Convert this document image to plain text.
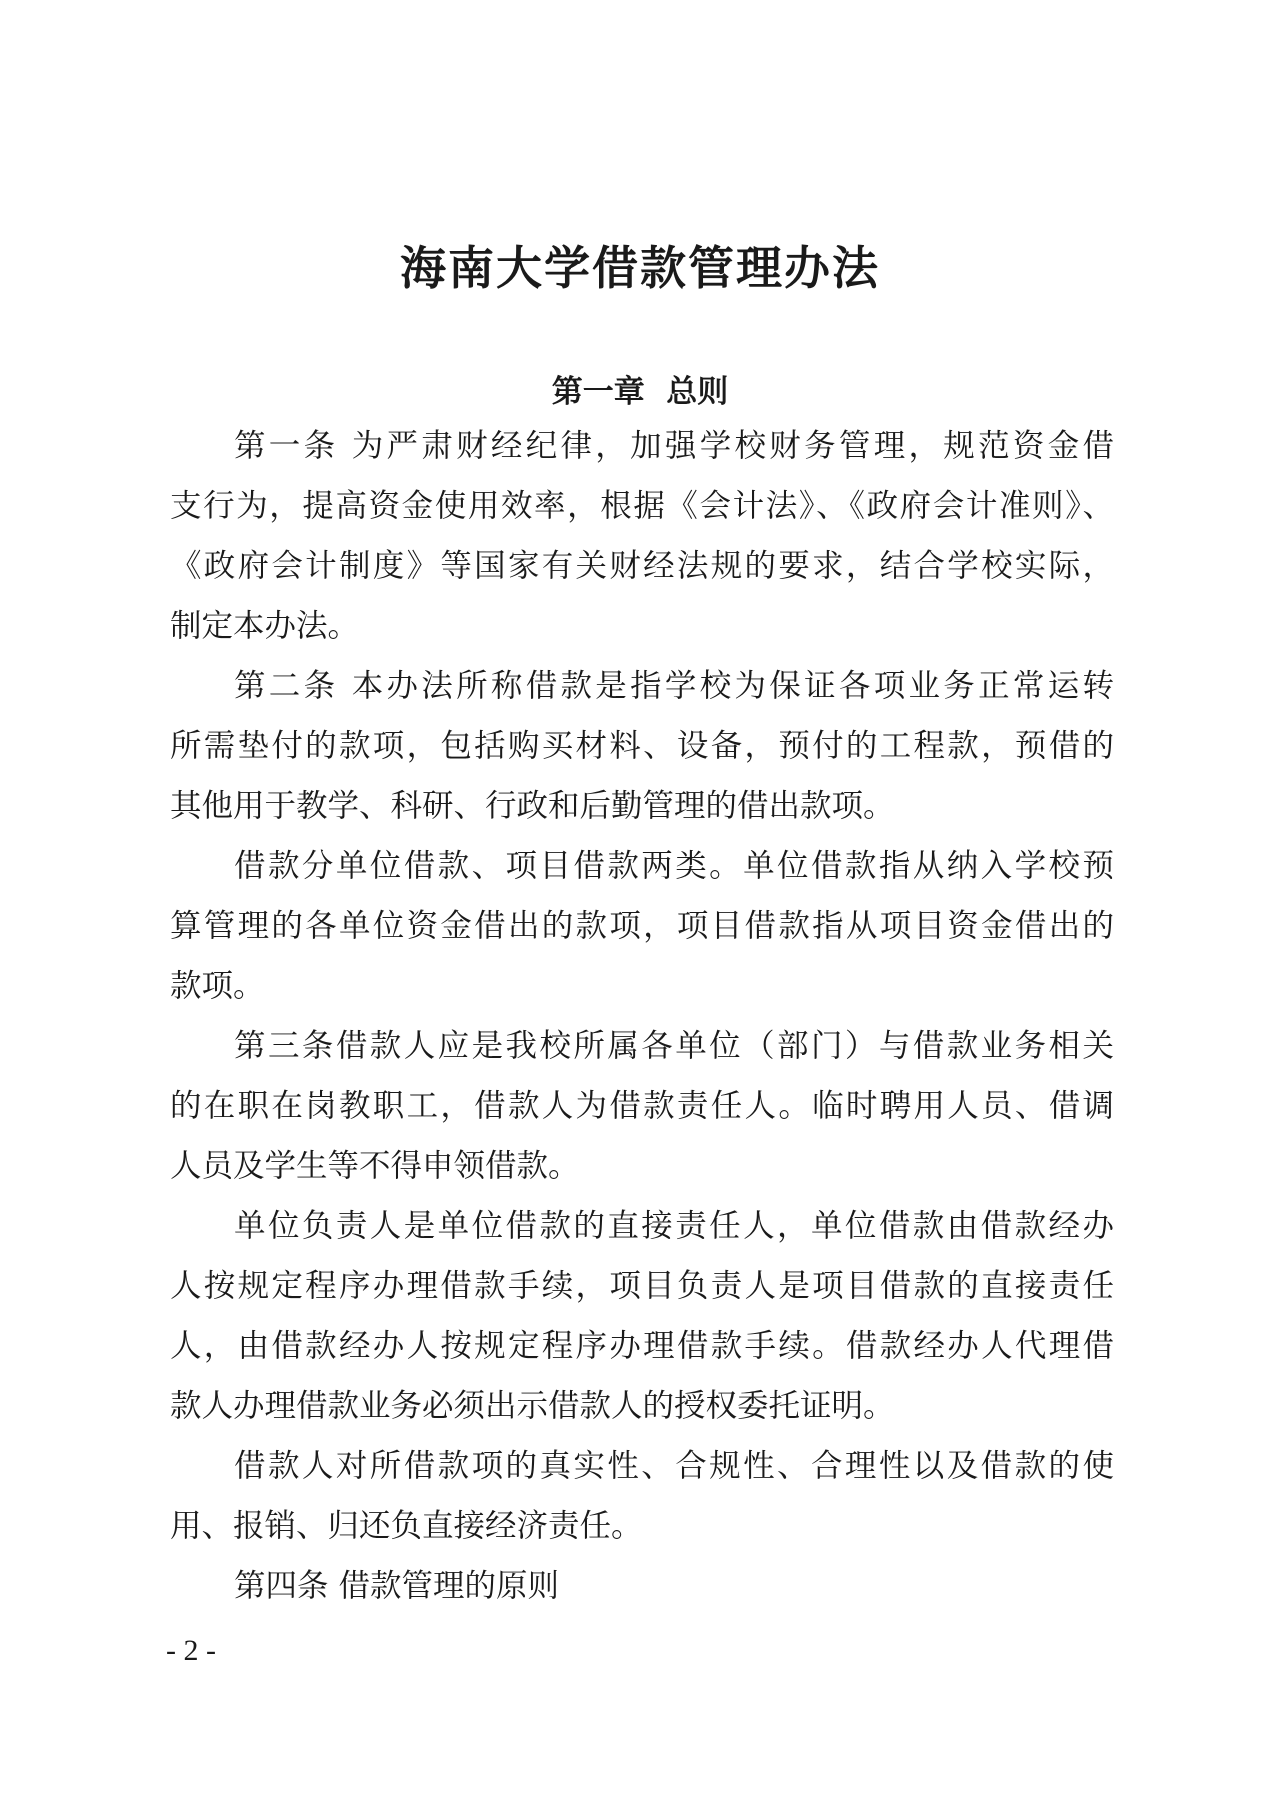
海南大学借款管理办法
第一章  总则
第一条 为严肃财经纪律，加强学校财务管理，规范资金借
支行为，提高资金使用效率，根据《会计法》、《政府会计准则》、
《政府会计制度》等国家有关财经法规的要求，结合学校实际，
制定本办法。
第二条 本办法所称借款是指学校为保证各项业务正常运转
所需垫付的款项，包括购买材料、设备，预付的工程款，预借的
其他用于教学、科研、行政和后勤管理的借出款项。
借款分单位借款、项目借款两类。单位借款指从纳入学校预
算管理的各单位资金借出的款项，项目借款指从项目资金借出的
款项。
第三条借款人应是我校所属各单位（部门）与借款业务相关
的在职在岗教职工，借款人为借款责任人。临时聘用人员、借调
人员及学生等不得申领借款。
单位负责人是单位借款的直接责任人，单位借款由借款经办
人按规定程序办理借款手续，项目负责人是项目借款的直接责任
人，由借款经办人按规定程序办理借款手续。借款经办人代理借
款人办理借款业务必须出示借款人的授权委托证明。
借款人对所借款项的真实性、合规性、合理性以及借款的使
用、报销、归还负直接经济责任。
第四条 借款管理的原则
- 2 -
